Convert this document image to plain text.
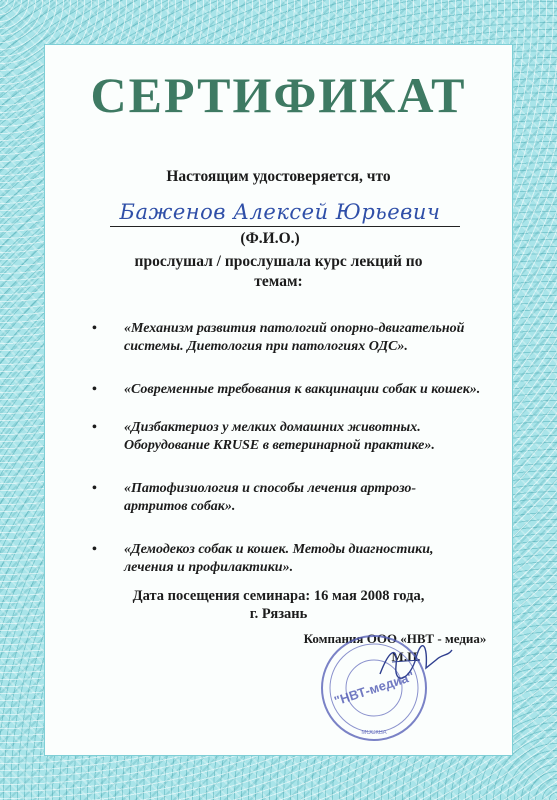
СЕРТИФИКАТ
Настоящим удостоверяется, что
Баженов Алексей Юрьевич
(Ф.И.О.)
прослушал / прослушала курс лекций по
темам:
• «Механизм развития патологий опорно-двигательной
системы. Диетология при патологиях ОДС».
• «Современные требования к вакцинации собак и кошек».
• «Дизбактериоз у мелких домашних животных.
Оборудование KRUSE в ветеринарной практике».
• «Патофизиология и способы лечения артрозо-
артритов собак».
• «Демодекоз собак и кошек. Методы диагностики,
лечения и профилактики».
Дата посещения семинара: 16 мая 2008 года,
г. Рязань
Компания ООО «НВТ - медиа»
М.П.
"НВТ-медиа"
МОСКВА
